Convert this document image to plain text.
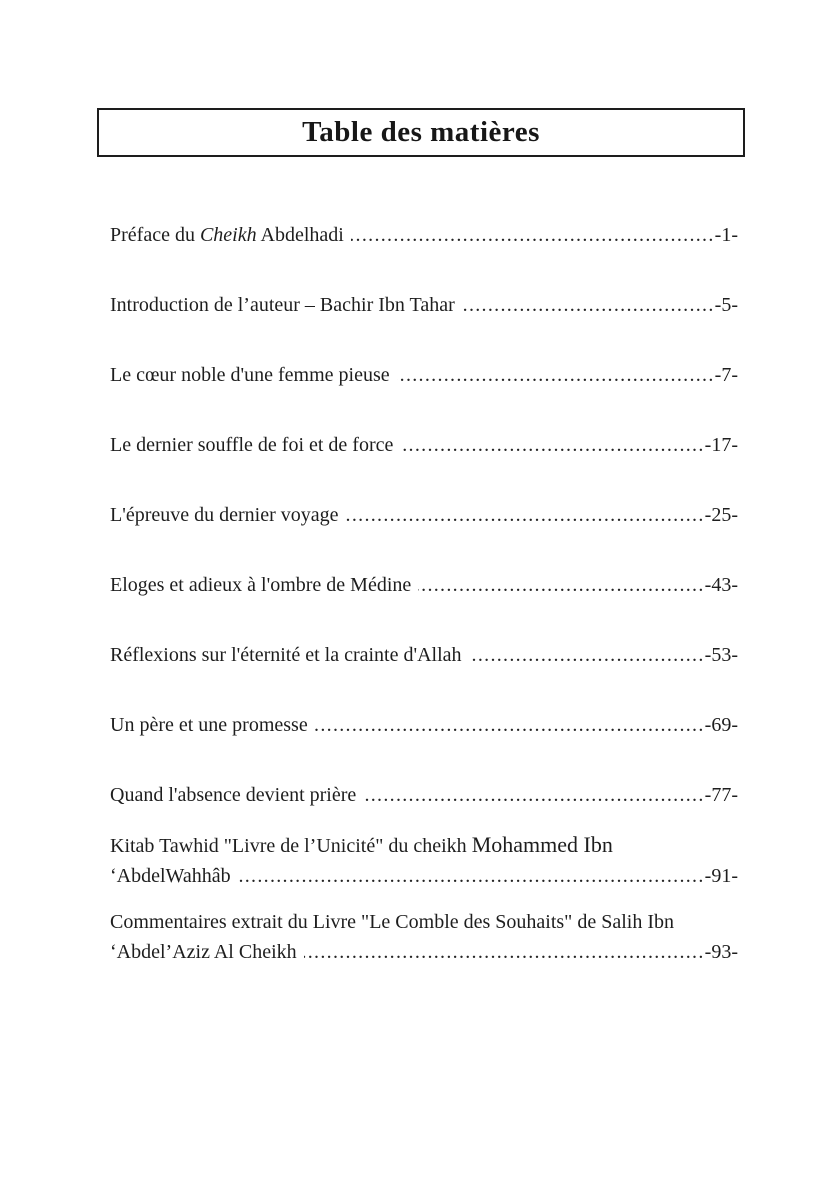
Table des matières
Préface du Cheikh Abdelhadi .....	-1-
Introduction de l’auteur – Bachir Ibn Tahar .....	-5-
Le cœur noble d'une femme pieuse .....	-7-
Le dernier souffle de foi et de force .....	-17-
L'épreuve du dernier voyage .....	-25-
Eloges et adieux à l'ombre de Médine .....	-43-
Réflexions sur l'éternité et la crainte d'Allah .....	-53-
Un père et une promesse .....	-69-
Quand l'absence devient prière .....	-77-
Kitab Tawhid "Livre de l’Unicité" du cheikh Mohammed Ibn
‘AbdelWahhâb .....	-91-
Commentaires extrait du Livre "Le Comble des Souhaits" de Salih Ibn
‘Abdel’Aziz Al Cheikh .....	-93-
